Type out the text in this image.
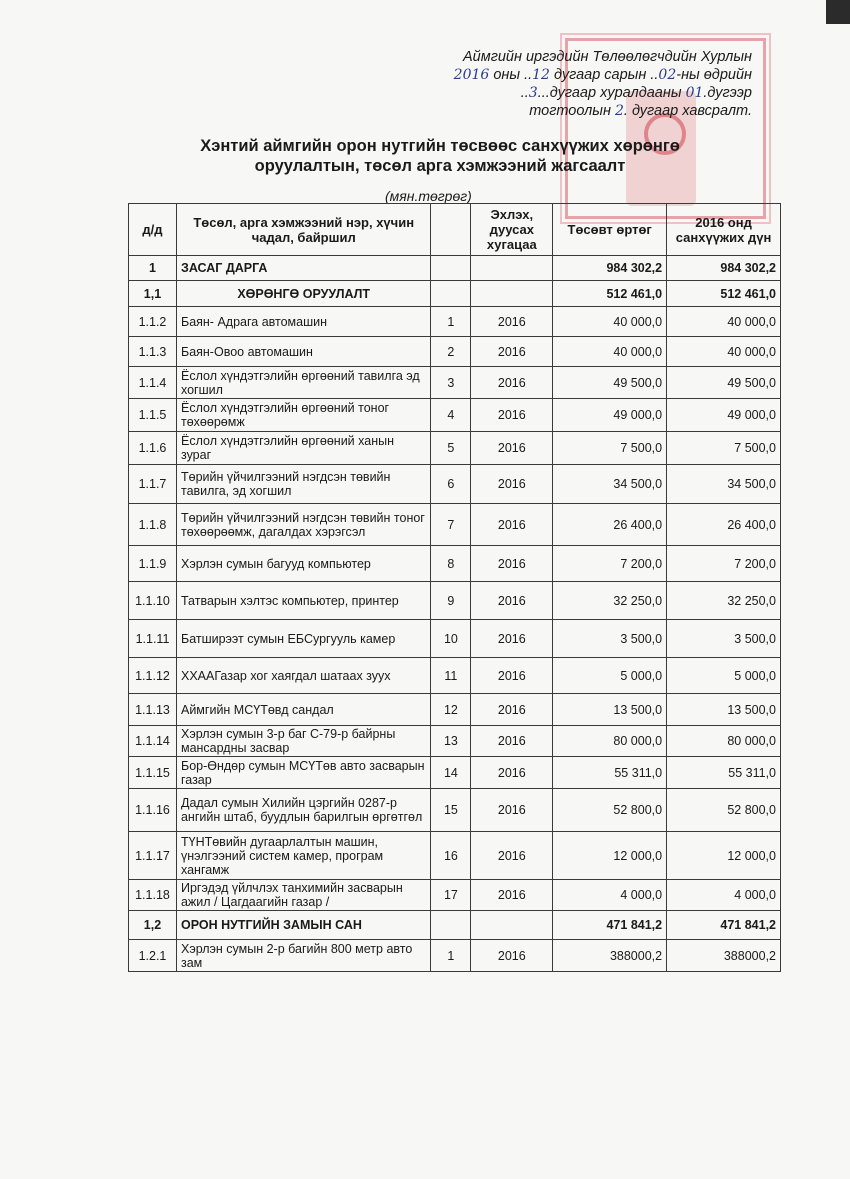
Аймгийн иргэдийн Төлөөлөгчдийн Хурлын
2016 оны ..12 дугаар сарын ..02-ны өдрийн
..3...дугаар хуралдааны 01.дугээр
тогтоолын 2. дугаар хавсралт.
Хэнтий аймгийн орон нутгийн төсвөөс санхүүжих хөрөнгө
оруулалтын, төсөл арга хэмжээний жагсаалт
(мян.төгрөг)
д/д	Төсөл, арга хэмжээний нэр, хүчин чадал, байршил		Эхлэх, дуусах хугацаа	Төсөвт өртөг	2016 онд санхүүжих дүн
1	ЗАСАГ ДАРГА			984 302,2	984 302,2
1,1	ХӨРӨНГӨ ОРУУЛАЛТ			512 461,0	512 461,0
1.1.2	Баян- Адрага автомашин	1	2016	40 000,0	40 000,0
1.1.3	Баян-Овоо автомашин	2	2016	40 000,0	40 000,0
1.1.4	Ёслол хүндэтгэлийн өргөөний тавилга эд хогшил	3	2016	49 500,0	49 500,0
1.1.5	Ёслол хүндэтгэлийн өргөөний тоног төхөөрөмж	4	2016	49 000,0	49 000,0
1.1.6	Ёслол хүндэтгэлийн өргөөний ханын зураг	5	2016	7 500,0	7 500,0
1.1.7	Төрийн үйчилгээний нэгдсэн төвийн тавилга, эд хогшил	6	2016	34 500,0	34 500,0
1.1.8	Төрийн үйчилгээний нэгдсэн төвийн тоног төхөөрөөмж, дагалдах хэрэгсэл	7	2016	26 400,0	26 400,0
1.1.9	Хэрлэн сумын багууд компьютер	8	2016	7 200,0	7 200,0
1.1.10	Татварын хэлтэс компьютер, принтер	9	2016	32 250,0	32 250,0
1.1.11	Батширээт сумын ЕБСургууль камер	10	2016	3 500,0	3 500,0
1.1.12	ХХААГазар хог хаягдал шатаах зуух	11	2016	5 000,0	5 000,0
1.1.13	Аймгийн МСҮТөвд сандал	12	2016	13 500,0	13 500,0
1.1.14	Хэрлэн сумын 3-р баг С-79-р байрны мансардны засвар	13	2016	80 000,0	80 000,0
1.1.15	Бор-Өндөр сумын МСҮТөв авто засварын газар	14	2016	55 311,0	55 311,0
1.1.16	Дадал сумын Хилийн цэргийн 0287-р ангийн штаб, буудлын барилгын өргөтгөл	15	2016	52 800,0	52 800,0
1.1.17	ТҮНТөвийн дугаарлалтын машин, үнэлгээний систем камер, програм хангамж	16	2016	12 000,0	12 000,0
1.1.18	Иргэдэд үйлчлэх танхимийн засварын ажил / Цагдаагийн газар /	17	2016	4 000,0	4 000,0
1,2	ОРОН НУТГИЙН ЗАМЫН САН			471 841,2	471 841,2
1.2.1	Хэрлэн сумын 2-р багийн 800 метр авто зам	1	2016	388000,2	388000,2
